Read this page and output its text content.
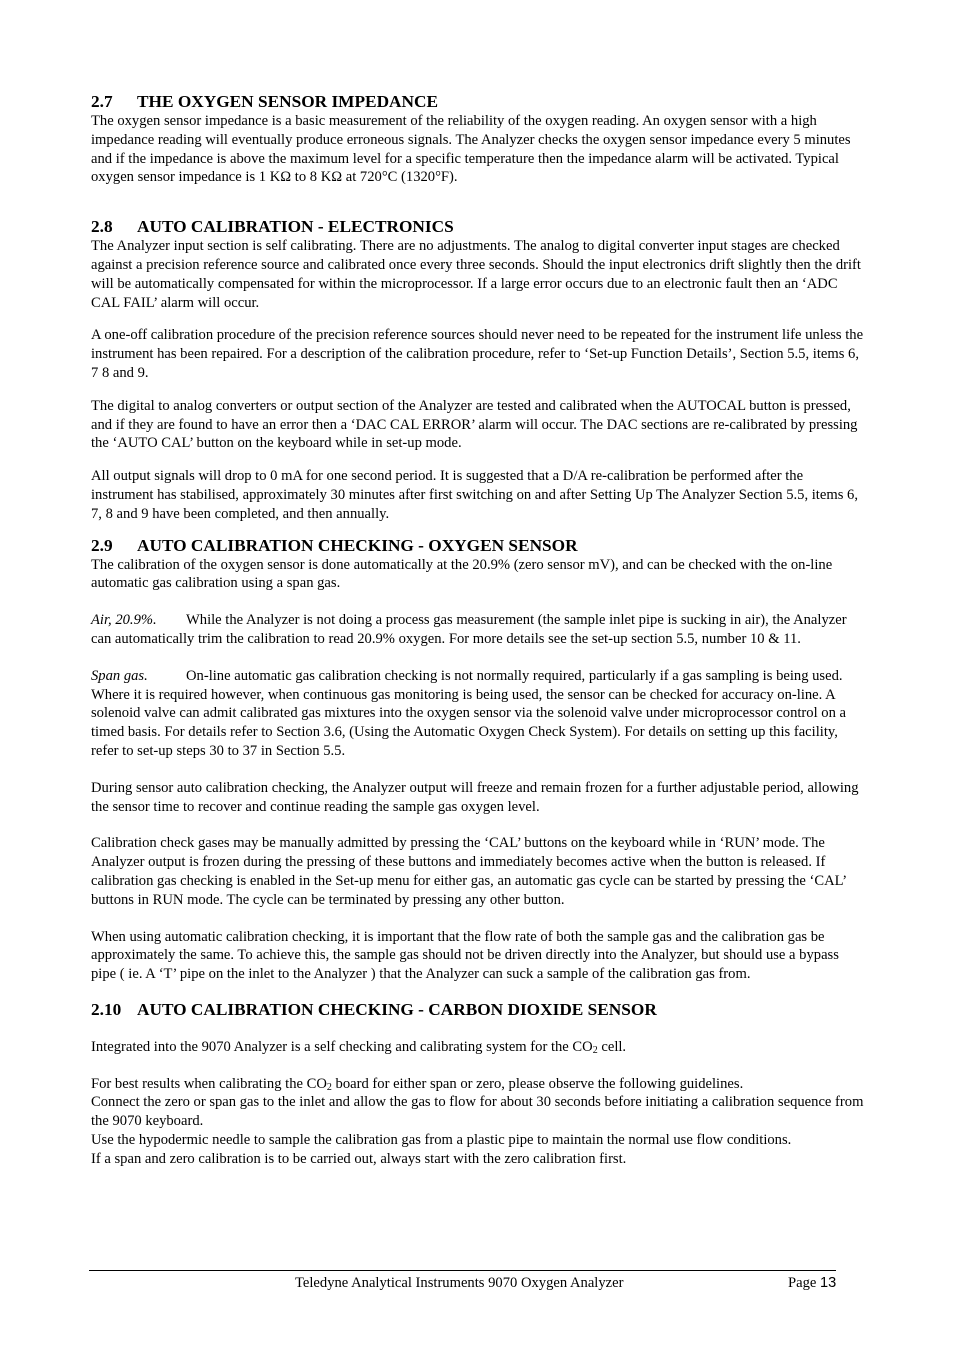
2.7 THE OXYGEN SENSOR IMPEDANCE

The oxygen sensor impedance is a basic measurement of the reliability of the oxygen reading. An oxygen sensor with a high impedance reading will eventually produce erroneous signals. The Analyzer checks the oxygen sensor impedance every 5 minutes and if the impedance is above the maximum level for a specific temperature then the impedance alarm will be activated. Typical oxygen sensor impedance is 1 KΩ to 8 KΩ at 720°C (1320°F).

2.8 AUTO CALIBRATION - ELECTRONICS

The Analyzer input section is self calibrating. There are no adjustments. The analog to digital converter input stages are checked against a precision reference source and calibrated once every three seconds. Should the input electronics drift slightly then the drift will be automatically compensated for within the microprocessor. If a large error occurs due to an electronic fault then an ‘ADC CAL FAIL’ alarm will occur.

A one-off calibration procedure of the precision reference sources should never need to be repeated for the instrument life unless the instrument has been repaired. For a description of the calibration procedure, refer to ‘Set-up Function Details’, Section 5.5, items 6, 7 8 and 9.

The digital to analog converters or output section of the Analyzer are tested and calibrated when the AUTOCAL button is pressed, and if they are found to have an error then a ‘DAC CAL ERROR’ alarm will occur. The DAC sections are re-calibrated by pressing the ‘AUTO CAL’ button on the keyboard while in set-up mode.

All output signals will drop to 0 mA for one second period. It is suggested that a D/A re-calibration be performed after the instrument has stabilised, approximately 30 minutes after first switching on and after Setting Up The Analyzer Section 5.5, items 6, 7, 8 and 9 have been completed, and then annually.

2.9 AUTO CALIBRATION CHECKING - OXYGEN SENSOR

The calibration of the oxygen sensor is done automatically at the 20.9% (zero sensor mV), and can be checked with the on-line automatic gas calibration using a span gas.

Air, 20.9%. While the Analyzer is not doing a process gas measurement (the sample inlet pipe is sucking in air), the Analyzer can automatically trim the calibration to read 20.9% oxygen. For more details see the set-up section 5.5, number 10 & 11.

Span gas.	On-line automatic gas calibration checking is not normally required, particularly if a gas sampling is being used. Where it is required however, when continuous gas monitoring is being used, the sensor can be checked for accuracy on-line. A solenoid valve can admit calibrated gas mixtures into the oxygen sensor via the solenoid valve under microprocessor control on a timed basis. For details refer to Section 3.6, (Using the Automatic Oxygen Check System). For details on setting up this facility, refer to set-up steps 30 to 37 in Section 5.5.

During sensor auto calibration checking, the Analyzer output will freeze and remain frozen for a further adjustable period, allowing the sensor time to recover and continue reading the sample gas oxygen level.

Calibration check gases may be manually admitted by pressing the ‘CAL’ buttons on the keyboard while in ‘RUN’ mode. The Analyzer output is frozen during the pressing of these buttons and immediately becomes active when the button is released. If calibration gas checking is enabled in the Set-up menu for either gas, an automatic gas cycle can be started by pressing the ‘CAL’ buttons in RUN mode. The cycle can be terminated by pressing any other button.

When using automatic calibration checking, it is important that the flow rate of both the sample gas and the calibration gas be approximately the same. To achieve this, the sample gas should not be driven directly into the Analyzer, but should use a bypass pipe ( ie. A ‘T’ pipe on the inlet to the Analyzer ) that the Analyzer can suck a sample of the calibration gas from.

2.10 AUTO CALIBRATION CHECKING - CARBON DIOXIDE SENSOR

Integrated into the 9070 Analyzer is a self checking and calibrating system for the $CO_2$ cell.

For best results when calibrating the $CO_2$ board for either span or zero, please observe the following guidelines.

Connect the zero or span gas to the inlet and allow the gas to flow for about 30 seconds before initiating a calibration sequence from the 9070 keyboard.

Use the hypodermic needle to sample the calibration gas from a plastic pipe to maintain the normal use flow conditions.

If a span and zero calibration is to be carried out, always start with the zero calibration first.

Teledyne Analytical Instruments 9070 Oxygen Analyzer	Page 13
